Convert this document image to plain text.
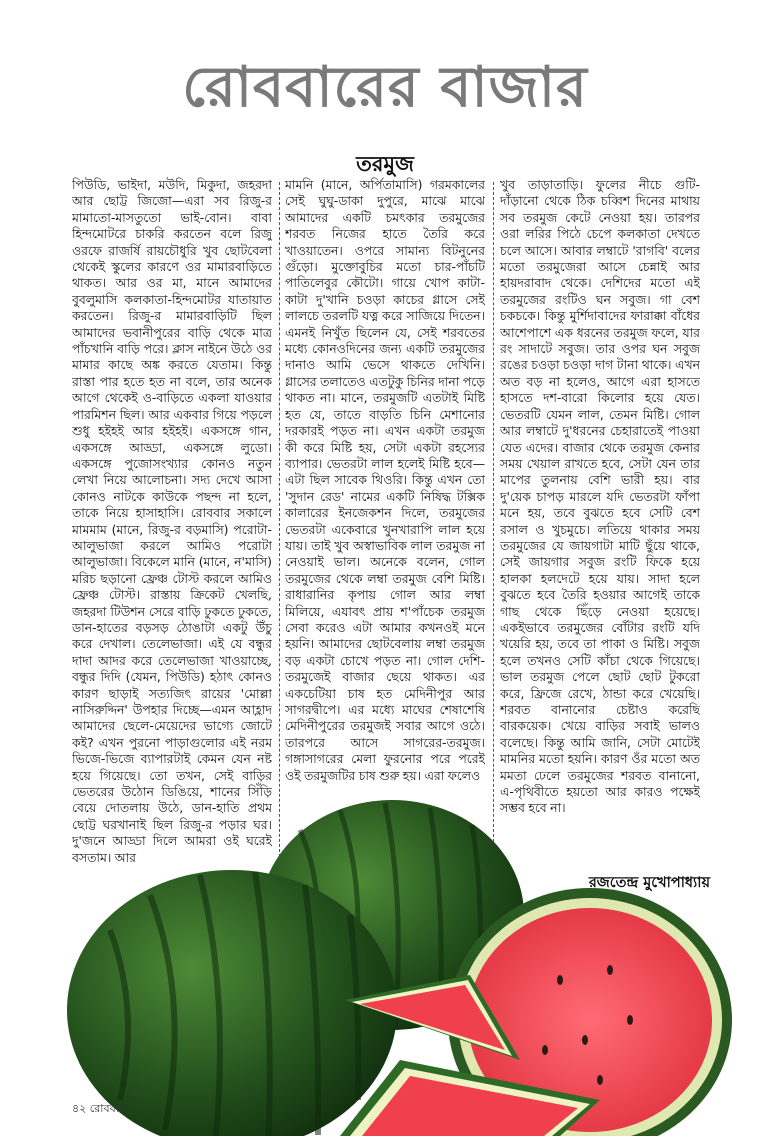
রোববারের বাজার
তরমুজ
পিউডি, ভাইদা, মউদি, মিকুদা, জহরদা আর ছোট্ট জিজো—এরা সব রিজু-র মামাতো-মাসতুতো ভাই-বোন। বাবা হিন্দমোটরে চাকরি করতেন বলে রিজু ওরফে রাজর্ষি রায়চৌধুরি খুব ছোটবেলা থেকেই স্কুলের কারণে ওর মামারবাড়িতে থাকত। আর ওর মা, মানে আমাদের বুবলুমাসি কলকাতা-হিন্দমোটর যাতায়াত করতেন। রিজু-র মামারবাড়িটি ছিল আমাদের ভবানীপুরের বাড়ি থেকে মাত্র পাঁচখানি বাড়ি পরে। ক্লাস নাইনে উঠে ওর মামার কাছে অঙ্ক করতে যেতাম। কিন্তু রাস্তা পার হতে হত না বলে, তার অনেক আগে থেকেই ও-বাড়িতে একলা যাওয়ার পারমিশন ছিল। আর একবার গিয়ে পড়লে শুধু হইহই আর হইহই। একসঙ্গে গান, একসঙ্গে আড্ডা, একসঙ্গে লুডো। একসঙ্গে পুজোসংখ্যার কোনও নতুন লেখা নিয়ে আলোচনা। সদ্য দেখে আসা কোনও নাটকে কাউকে পছন্দ না হলে, তাকে নিয়ে হাসাহাসি। রোববার সকালে মামমাম (মানে, রিজু-র বড়মাসি) পরোটা-আলুভাজা করলে আমিও পরোটা আলুভাজা। বিকেলে মানি (মানে, ন'মাসি) মরিচ ছড়ানো ফ্রেঞ্চ টোস্ট করলে আমিও ফ্রেঞ্চ টোস্ট। রাস্তায় ক্রিকেট খেলছি, জহরদা টিউশন সেরে বাড়ি ঢুকতে ঢুকতে, ডান-হাতের বড়সড় ঠোঙাটা একটু উঁচু করে দেখাল। তেলেভাজা। এই যে বন্ধুর দাদা আদর করে তেলেভাজা খাওয়াচ্ছে, বন্ধুর দিদি (যেমন, পিউডি) হঠাৎ কোনও কারণ ছাড়াই সত্যজিৎ রায়ের 'মোল্লা নাসিরুদ্দিন' উপহার দিচ্ছে—এমন আহ্লাদ আমাদের ছেলে-মেয়েদের ভাগ্যে জোটে কই? এখন পুরনো পাড়াগুলোর এই নরম ভিজে-ভিজে ব্যাপারটাই কেমন যেন নষ্ট হয়ে গিয়েছে। তো তখন, সেই বাড়ির ভেতরের উঠোন ডিঙিয়ে, শানের সিঁড়ি বেয়ে দোতলায় উঠে, ডান-হাতি প্রথম ছোট্ট ঘরখানাই ছিল রিজু-র পড়ার ঘর। দু'জনে আড্ডা দিলে আমরা ওই ঘরেই বসতাম। আর
মামনি (মানে, অর্পিতামাসি) গরমকালের সেই ঘুঘু-ডাকা দুপুরে, মাঝে মাঝে আমাদের একটি চমৎকার তরমুজের শরবত নিজের হাতে তৈরি করে খাওয়াতেন। ওপরে সামান্য বিটনুনের গুঁড়ো। মুক্তোবুচির মতো চার-পাঁচটি পাতিলেবুর কৌটো। গায়ে খোপ কাটা-কাটা দু'খানি চওড়া কাচের গ্লাসে সেই লালচে তরলটি যত্ন করে সাজিয়ে দিতেন। এমনই নিখুঁত ছিলেন যে, সেই শরবতের মধ্যে কোনওদিনের জন্য একটি তরমুজের দানাও আমি ভেসে থাকতে দেখিনি। গ্লাসের তলাতেও এতটুকু চিনির দানা পড়ে থাকত না। মানে, তরমুজটি এতটাই মিষ্টি হত যে, তাতে বাড়তি চিনি মেশানোর দরকারই পড়ত না। এখন একটা তরমুজ কী করে মিষ্টি হয়, সেটা একটা রহস্যের ব্যাপার। ভেতরটা লাল হলেই মিষ্টি হবে—এটা ছিল সাবেক থিওরি। কিন্তু এখন তো 'সুদান রেড' নামের একটি নিষিদ্ধ টক্সিক কালারের ইনজেকশন দিলে, তরমুজের ভেতরটা একেবারে খুনখারাপি লাল হয়ে যায়। তাই খুব অস্বাভাবিক লাল তরমুজ না নেওয়াই ভাল। অনেকে বলেন, গোল তরমুজের থেকে লম্বা তরমুজ বেশি মিষ্টি। রাধারানির কৃপায় গোল আর লম্বা মিলিয়ে, এযাবৎ প্রায় শ'পাঁচেক তরমুজ সেবা করেও এটা আমার কখনওই মনে হয়নি। আমাদের ছোটবেলায় লম্বা তরমুজ বড় একটা চোখে পড়ত না। গোল দেশি-তরমুজেই বাজার ছেয়ে থাকত। এর একচেটিয়া চাষ হত মেদিনীপুর আর সাগরদ্বীপে। এর মধ্যে মাঘের শেষাশেষি মেদিনীপুরের তরমুজই সবার আগে ওঠে। তারপরে আসে সাগরের-তরমুজ। গঙ্গাসাগরের মেলা ফুরনোর পরে পরেই ওই তরমুজটির চাষ শুরু হয়। এরা ফলেও
খুব তাড়াতাড়ি। ফুলের নীচে গুটি-দাঁড়ানো থেকে ঠিক চব্বিশ দিনের মাথায় সব তরমুজ কেটে নেওয়া হয়। তারপর ওরা লরির পিঠে চেপে কলকাতা দেখতে চলে আসে। আবার লম্বাটে 'রাগবি' বলের মতো তরমুজেরা আসে চেন্নাই আর হায়দরাবাদ থেকে। দেশিদের মতো এই তরমুজের রংটিও ঘন সবুজ। গা বেশ চকচকে। কিন্তু মুর্শিদাবাদের ফারাক্কা বাঁধের আশেপাশে এক ধরনের তরমুজ ফলে, যার রং সাদাটে সবুজ। তার ওপর ঘন সবুজ রঙের চওড়া চওড়া দাগ টানা থাকে। এখন অত বড় না হলেও, আগে এরা হাসতে হাসতে দশ-বারো কিলোর হয়ে যেত। ভেতরটি যেমন লাল, তেমন মিষ্টি। গোল আর লম্বাটে দু'ধরনের চেহারাতেই পাওয়া যেত এদের। বাজার থেকে তরমুজ কেনার সময় খেয়াল রাখতে হবে, সেটা যেন তার মাপের তুলনায় বেশি ভারী হয়। বার দু'য়েক চাপড় মারলে যদি ভেতরটা ফাঁপা মনে হয়, তবে বুঝতে হবে সেটি বেশ রসাল ও খুচমুচে। লতিয়ে থাকার সময় তরমুজের যে জায়গাটা মাটি ছুঁয়ে থাকে, সেই জায়গার সবুজ রংটি ফিকে হয়ে হালকা হলদেটে হয়ে যায়। সাদা হলে বুঝতে হবে তৈরি হওয়ার আগেই তাকে গাছ থেকে ছিঁড়ে নেওয়া হয়েছে। একইভাবে তরমুজের বোঁটার রংটি যদি খয়েরি হয়, তবে তা পাকা ও মিষ্টি। সবুজ হলে তখনও সেটি কাঁচা থেকে গিয়েছে। ভাল তরমুজ পেলে ছোট ছোট টুকরো করে, ফ্রিজে রেখে, ঠান্ডা করে খেয়েছি। শরবত বানানোর চেষ্টাও করেছি বারকয়েক। খেয়ে বাড়ির সবাই ভালও বলেছে। কিন্তু আমি জানি, সেটা মোটেই মামনির মতো হয়নি। কারণ ওঁর মতো অত মমতা ঢেলে তরমুজের শরবত বানানো, এ-পৃথিবীতে হয়তো আর কারও পক্ষেই সম্ভব হবে না।
রজতেন্দ্র মুখোপাধ্যায়
৪২ রোববার
